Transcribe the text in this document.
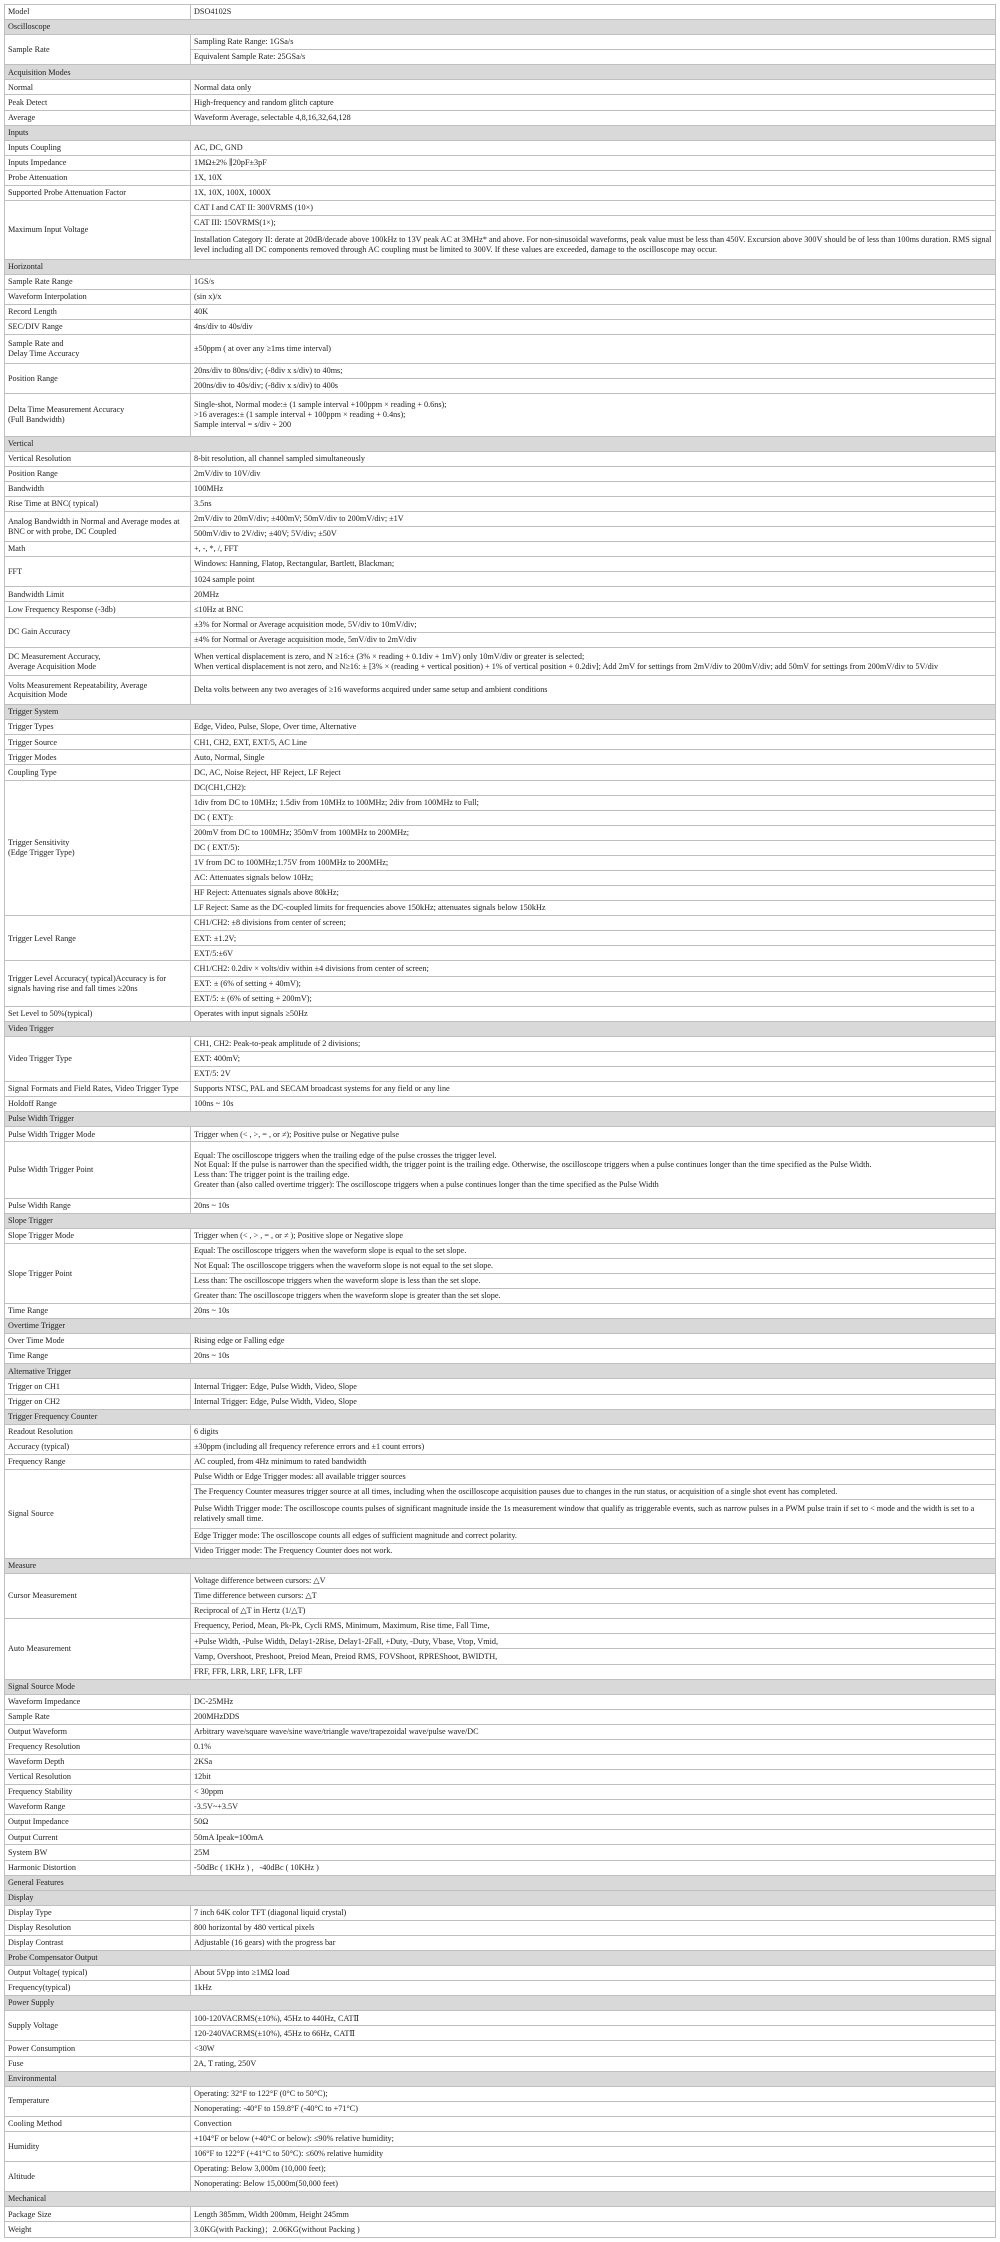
Model	DSO4102S
Oscilloscope	
Sample Rate	Sampling Rate Range: 1GSa/s
	Equivalent Sample Rate: 25GSa/s
Acquisition Modes	
Normal	Normal data only
Peak Detect	High-frequency and random glitch capture
Average	Waveform Average, selectable 4,8,16,32,64,128
Inputs	
Inputs Coupling	AC, DC, GND
Inputs Impedance	1MΩ±2% ∥20pF±3pF
Probe Attenuation	1X, 10X
Supported Probe Attenuation Factor	1X, 10X, 100X, 1000X
Maximum Input Voltage	CAT I and CAT II: 300VRMS (10×)
	CAT III: 150VRMS(1×);
	Installation Category II: derate at 20dB/decade above 100kHz to 13V peak AC at 3MHz* and above. For non-sinusoidal waveforms, peak value must be less than 450V. Excursion above 300V should be of less than 100ms duration. RMS signal level including all DC components removed through AC coupling must be limited to 300V. If these values are exceeded, damage to the oscilloscope may occur.
Horizontal	
Sample Rate Range	1GS/s
Waveform Interpolation	(sin x)/x
Record Length	40K
SEC/DIV Range	4ns/div to 40s/div
Sample Rate and
Delay Time Accuracy	±50ppm ( at over any ≥1ms time interval)
Position Range	20ns/div to 80ns/div; (-8div x s/div) to 40ms;
	200ns/div to 40s/div; (-8div x s/div) to 400s
Delta Time Measurement Accuracy
(Full Bandwidth)	Single-shot, Normal mode:± (1 sample interval +100ppm × reading + 0.6ns);
>16 averages:± (1 sample interval + 100ppm × reading + 0.4ns);
Sample interval = s/div ÷ 200
Vertical	
Vertical Resolution	8-bit resolution, all channel sampled simultaneously
Position Range	2mV/div to 10V/div
Bandwidth	100MHz
Rise Time at BNC( typical)	3.5ns
Analog Bandwidth in Normal and Average modes at BNC or with probe, DC Coupled	2mV/div to 20mV/div; ±400mV; 50mV/div to 200mV/div; ±1V
	500mV/div to 2V/div; ±40V; 5V/div; ±50V
Math	+, -, *, /, FFT
FFT	Windows: Hanning, Flatop, Rectangular, Bartlett, Blackman;
	1024 sample point
Bandwidth Limit	20MHz
Low Frequency Response (-3db)	≤10Hz at BNC
DC Gain Accuracy	±3% for Normal or Average acquisition mode, 5V/div to 10mV/div;
	±4% for Normal or Average acquisition mode, 5mV/div to 2mV/div
DC Measurement Accuracy,
Average Acquisition Mode	When vertical displacement is zero, and N ≥16:± (3% × reading + 0.1div + 1mV) only 10mV/div or greater is selected;
When vertical displacement is not zero, and N≥16: ± [3% × (reading + vertical position) + 1% of vertical position + 0.2div]; Add 2mV for settings from 2mV/div to 200mV/div; add 50mV for settings from 200mV/div to 5V/div
Volts Measurement Repeatability, Average Acquisition Mode	Delta volts between any two averages of ≥16 waveforms acquired under same setup and ambient conditions
Trigger System	
Trigger Types	Edge, Video, Pulse, Slope, Over time, Alternative
Trigger Source	CH1, CH2, EXT, EXT/5, AC Line
Trigger Modes	Auto, Normal, Single
Coupling Type	DC, AC, Noise Reject, HF Reject, LF Reject
Trigger Sensitivity
(Edge Trigger Type)	DC(CH1,CH2):
	1div from DC to 10MHz; 1.5div from 10MHz to 100MHz; 2div from 100MHz to Full;
	DC ( EXT):
	200mV from DC to 100MHz; 350mV from 100MHz to 200MHz;
	DC ( EXT/5):
	1V from DC to 100MHz;1.75V from 100MHz to 200MHz;
	AC: Attenuates signals below 10Hz;
	HF Reject: Attenuates signals above 80kHz;
	LF Reject: Same as the DC-coupled limits for frequencies above 150kHz; attenuates signals below 150kHz
Trigger Level Range	CH1/CH2: ±8 divisions from center of screen;
	EXT: ±1.2V;
	EXT/5:±6V
Trigger Level Accuracy( typical)Accuracy is for signals having rise and fall times ≥20ns	CH1/CH2: 0.2div × volts/div within ±4 divisions from center of screen;
	EXT: ± (6% of setting + 40mV);
	EXT/5: ± (6% of setting + 200mV);
Set Level to 50%(typical)	Operates with input signals ≥50Hz
Video Trigger	
Video Trigger Type	CH1, CH2: Peak-to-peak amplitude of 2 divisions;
	EXT: 400mV;
	EXT/5: 2V
Signal Formats and Field Rates, Video Trigger Type	Supports NTSC, PAL and SECAM broadcast systems for any field or any line
Holdoff Range	100ns ~ 10s
Pulse Width Trigger	
Pulse Width Trigger Mode	Trigger when (< , >, = , or ≠); Positive pulse or Negative pulse
Pulse Width Trigger Point	Equal: The oscilloscope triggers when the trailing edge of the pulse crosses the trigger level.
Not Equal: If the pulse is narrower than the specified width, the trigger point is the trailing edge. Otherwise, the oscilloscope triggers when a pulse continues longer than the time specified as the Pulse Width.
Less than: The trigger point is the trailing edge.
Greater than (also called overtime trigger): The oscilloscope triggers when a pulse continues longer than the time specified as the Pulse Width
Pulse Width Range	20ns ~ 10s
Slope Trigger	
Slope Trigger Mode	Trigger when (< , > , = , or ≠ ); Positive slope or Negative slope
Slope Trigger Point	Equal: The oscilloscope triggers when the waveform slope is equal to the set slope.
	Not Equal: The oscilloscope triggers when the waveform slope is not equal to the set slope.
	Less than: The oscilloscope triggers when the waveform slope is less than the set slope.
	Greater than: The oscilloscope triggers when the waveform slope is greater than the set slope.
Time Range	20ns ~ 10s
Overtime Trigger	
Over Time Mode	Rising edge or Falling edge
Time Range	20ns ~ 10s
Alternative Trigger	
Trigger on CH1	Internal Trigger: Edge, Pulse Width, Video, Slope
Trigger on CH2	Internal Trigger: Edge, Pulse Width, Video, Slope
Trigger Frequency Counter	
Readout Resolution	6 digits
Accuracy (typical)	±30ppm (including all frequency reference errors and ±1 count errors)
Frequency Range	AC coupled, from 4Hz minimum to rated bandwidth
Signal Source	Pulse Width or Edge Trigger modes: all available trigger sources
	The Frequency Counter measures trigger source at all times, including when the oscilloscope acquisition pauses due to changes in the run status, or acquisition of a single shot event has completed.
	Pulse Width Trigger mode: The oscilloscope counts pulses of significant magnitude inside the 1s measurement window that qualify as triggerable events, such as narrow pulses in a PWM pulse train if set to < mode and the width is set to a relatively small time.
	Edge Trigger mode: The oscilloscope counts all edges of sufficient magnitude and correct polarity.
	Video Trigger mode: The Frequency Counter does not work.
Measure	
Cursor Measurement	Voltage difference between cursors: △V
	Time difference between cursors: △T
	Reciprocal of △T in Hertz (1/△T)
Auto Measurement	Frequency, Period, Mean, Pk-Pk, Cycli RMS, Minimum, Maximum, Rise time, Fall Time,
	+Pulse Width, -Pulse Width, Delay1-2Rise, Delay1-2Fall, +Duty, -Duty, Vbase, Vtop, Vmid,
	Vamp, Overshoot, Preshoot, Preiod Mean, Preiod RMS, FOVShoot, RPREShoot, BWIDTH,
	FRF, FFR, LRR, LRF, LFR, LFF
Signal Source Mode	
Waveform Impedance	DC-25MHz
Sample Rate	200MHzDDS
Output Waveform	Arbitrary wave/square wave/sine wave/triangle wave/trapezoidal wave/pulse wave/DC
Frequency Resolution	0.1%
Waveform Depth	2KSa
Vertical Resolution	12bit
Frequency Stability	< 30ppm
Waveform Range	-3.5V~+3.5V
Output Impedance	50Ω
Output Current	50mA Ipeak=100mA
System BW	25M
Harmonic Distortion	-50dBc ( 1KHz ) ，-40dBc ( 10KHz )
General Features	
Display	
Display Type	7 inch 64K color TFT (diagonal liquid crystal)
Display Resolution	800 horizontal by 480 vertical pixels
Display Contrast	Adjustable (16 gears) with the progress bar
Probe Compensator Output	
Output Voltage( typical)	About 5Vpp into ≥1MΩ load
Frequency(typical)	1kHz
Power Supply	
Supply Voltage	100-120VACRMS(±10%), 45Hz to 440Hz, CATⅡ
	120-240VACRMS(±10%), 45Hz to 66Hz, CATⅡ
Power Consumption	<30W
Fuse	2A, T rating, 250V
Environmental	
Temperature	Operating: 32°F to 122°F (0°C to 50°C);
	Nonoperating: -40°F to 159.8°F (-40°C to +71°C)
Cooling Method	Convection
Humidity	+104°F or below (+40°C or below): ≤90% relative humidity;
	106°F to 122°F (+41°C to 50°C): ≤60% relative humidity
Altitude	Operating: Below 3,000m (10,000 feet);
	Nonoperating: Below 15,000m(50,000 feet)
Mechanical	
Package Size	Length 385mm, Width 200mm, Height 245mm
Weight	3.0KG(with Packing)；2.06KG(without Packing )
